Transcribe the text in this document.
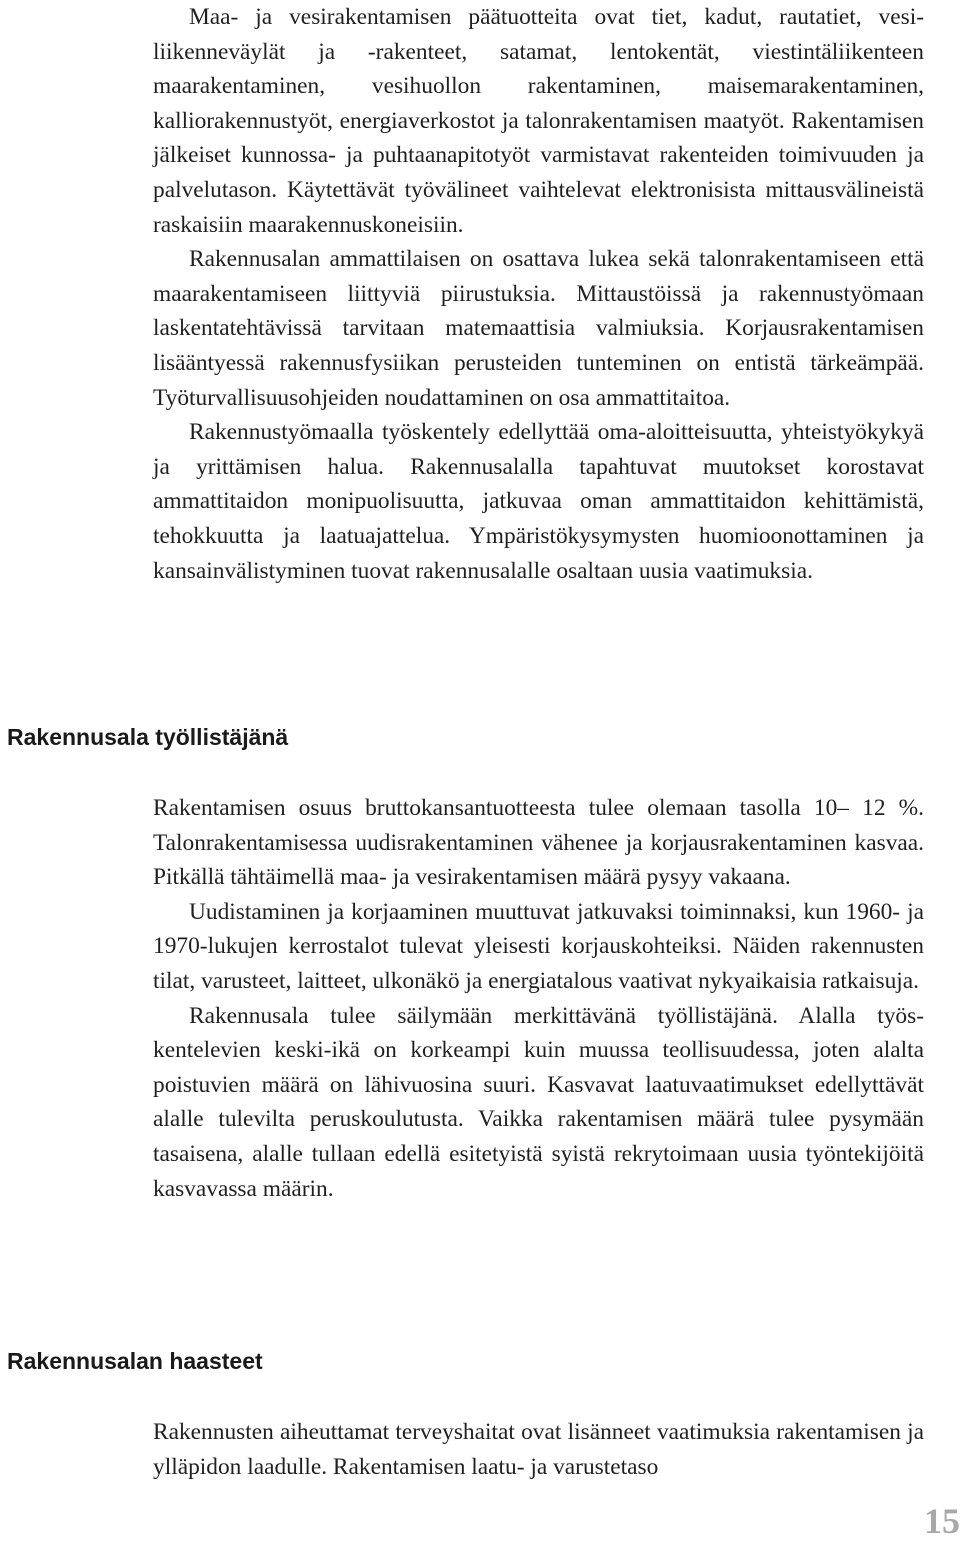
Maa- ja vesirakentamisen päätuotteita ovat tiet, kadut, rautatiet, vesiliikenneväylät ja -rakenteet, satamat, lentokentät, viestintäliikenteen maarakentaminen, vesihuollon rakentaminen, maisemarakentaminen, kalliorakennustyöt, energiaverkostot ja talonrakentamisen maatyöt. Rakentamisen jälkeiset kunnossa- ja puhtaanapitotyöt varmistavat rakenteiden toimivuuden ja palvelutason. Käytettävät työvälineet vaihtelevat elektronisista mittausvälineistä raskaisiin maarakennuskoneisiin.

Rakennusalan ammattilaisen on osattava lukea sekä talonrakentamiseen että maarakentamiseen liittyviä piirustuksia. Mittaustöissä ja rakennustyömaan laskentatehtävissä tarvitaan matemaattisia valmiuksia. Korjausrakentamisen lisääntyessä rakennusfysiikan perusteiden tunteminen on entistä tärkeämpää. Työturvallisuusohjeiden noudattaminen on osa ammattitaitoa.

Rakennustyömaalla työskentely edellyttää oma-aloitteisuutta, yhteistyökykyä ja yrittämisen halua. Rakennusalalla tapahtuvat muutokset korostavat ammattitaidon monipuolisuutta, jatkuvaa oman ammattitaidon kehittämistä, tehokkuutta ja laatuajattelua. Ympäristökysymysten huomioonottaminen ja kansainvälistyminen tuovat rakennusalalle osaltaan uusia vaatimuksia.

Rakennusala työllistäjänä

Rakentamisen osuus bruttokansantuotteesta tulee olemaan tasolla 10– 12 %. Talonrakentamisessa uudisrakentaminen vähenee ja korjausrakentaminen kasvaa. Pitkällä tähtäimellä maa- ja vesirakentamisen määrä pysyy vakaana.

Uudistaminen ja korjaaminen muuttuvat jatkuvaksi toiminnaksi, kun 1960- ja 1970-lukujen kerrostalot tulevat yleisesti korjauskohteiksi. Näiden rakennusten tilat, varusteet, laitteet, ulkonäkö ja energiatalous vaativat nykyaikaisia ratkaisuja.

Rakennusala tulee säilymään merkittävänä työllistäjänä. Alalla työskentelevien keski-ikä on korkeampi kuin muussa teollisuudessa, joten alalta poistuvien määrä on lähivuosina suuri. Kasvavat laatuvaatimukset edellyttävät alalle tulevilta peruskoulutusta. Vaikka rakentamisen määrä tulee pysymään tasaisena, alalle tullaan edellä esitetyistä syistä rekrytoimaan uusia työntekijöitä kasvavassa määrin.

Rakennusalan haasteet

Rakennusten aiheuttamat terveyshaitat ovat lisänneet vaatimuksia rakentamisen ja ylläpidon laadulle. Rakentamisen laatu- ja varustetaso

15
